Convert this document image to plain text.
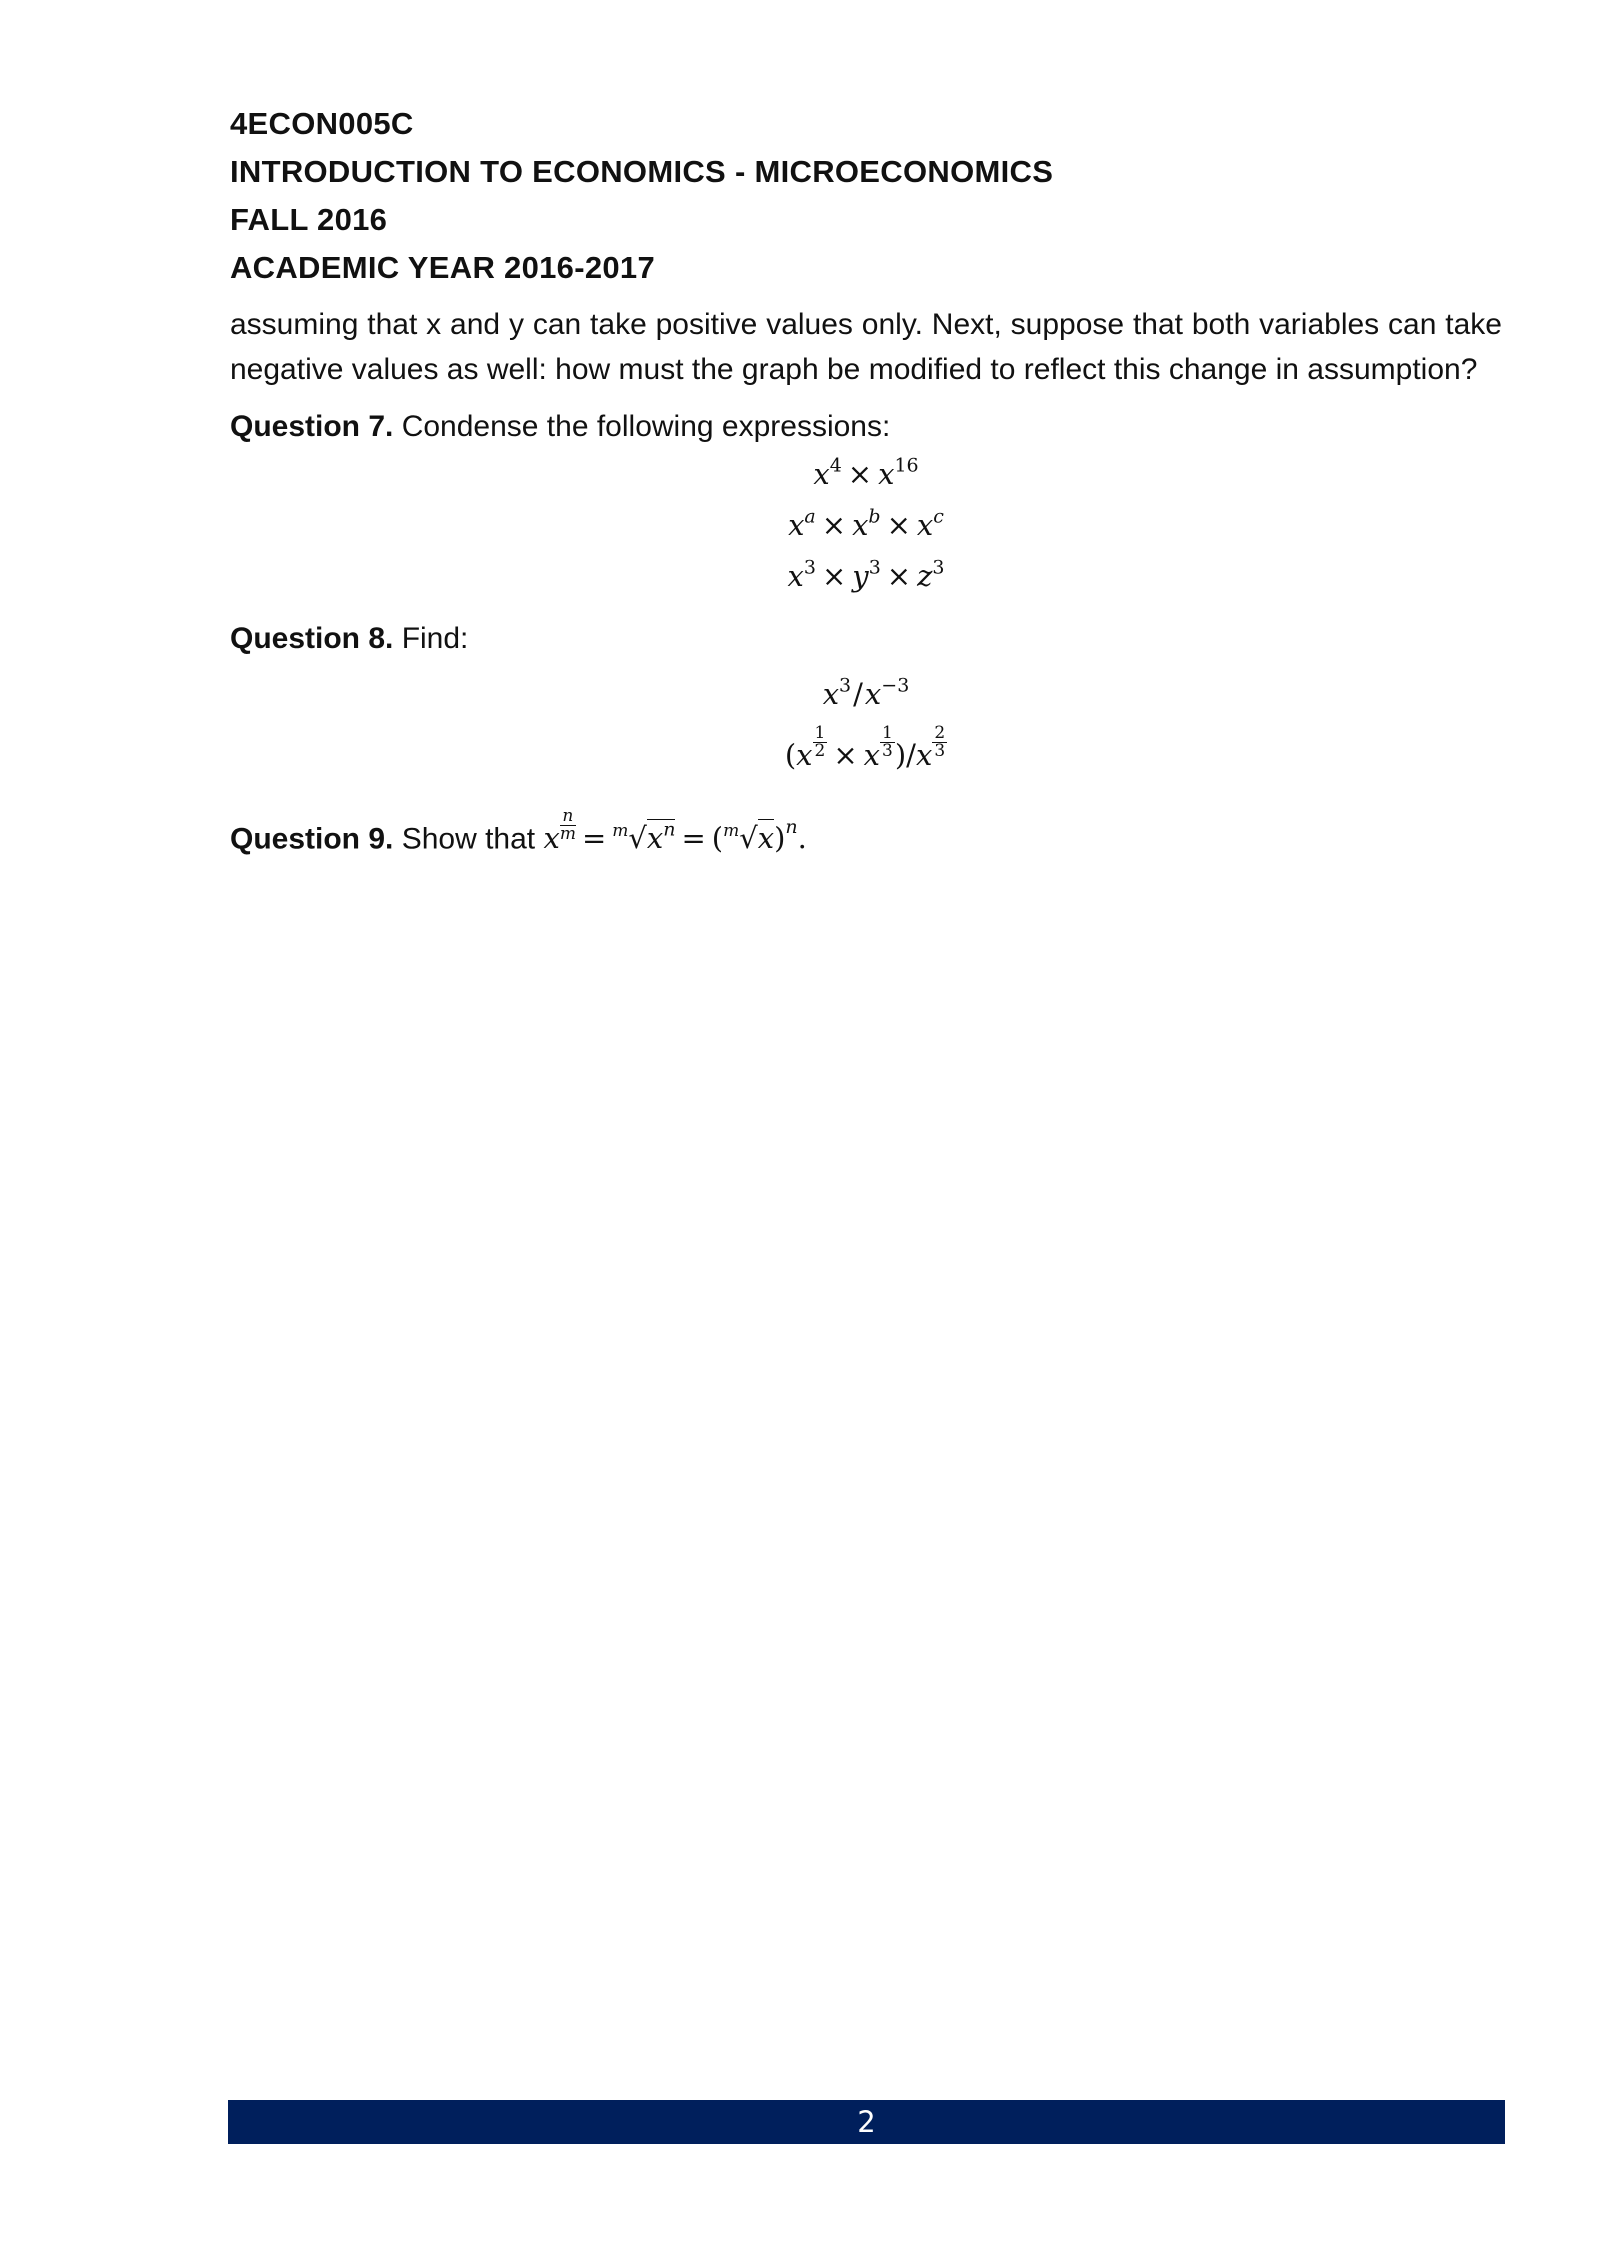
4ECON005C
INTRODUCTION TO ECONOMICS - MICROECONOMICS
FALL 2016
ACADEMIC YEAR 2016-2017
assuming that x and y can take positive values only. Next, suppose that both variables can take negative values as well: how must the graph be modified to reflect this change in assumption?
Question 7. Condense the following expressions:
$x^4 \times x^{16}$
$x^a \times x^b \times x^c$
$x^3 \times y^3 \times z^3$
Question 8. Find:
$x^3/x^{-3}$
$(x \frac{1}{2} \times x \frac{1}{3} )/x \frac{2}{3}$
Question 9. Show that x $\frac{n}{m} = ^m√x^n = (^m√x)^n$.
2
